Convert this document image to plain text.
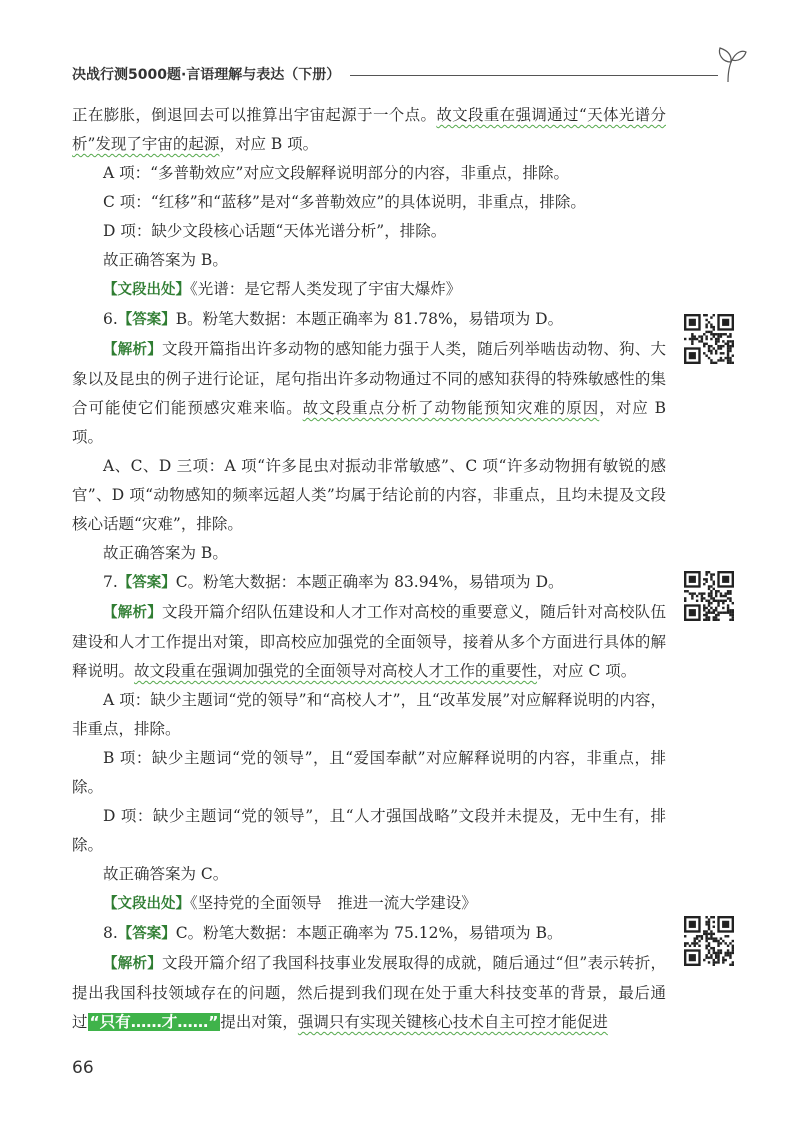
决战行测5000题·言语理解与表达（下册）

正在膨胀，倒退回去可以推算出宇宙起源于一个点。故文段重在强调通过“天体光谱分析”发现了宇宙的起源，对应 B 项。

A 项：“多普勒效应”对应文段解释说明部分的内容，非重点，排除。

C 项：“红移”和“蓝移”是对“多普勒效应”的具体说明，非重点，排除。

D 项：缺少文段核心话题“天体光谱分析”，排除。

故正确答案为 B。

【文段出处】《光谱：是它帮人类发现了宇宙大爆炸》

6.【答案】B。粉笔大数据：本题正确率为 81.78%，易错项为 D。

【解析】文段开篇指出许多动物的感知能力强于人类，随后列举啮齿动物、狗、大象以及昆虫的例子进行论证，尾句指出许多动物通过不同的感知获得的特殊敏感性的集合可能使它们能预感灾难来临。故文段重点分析了动物能预知灾难的原因，对应 B 项。

A、C、D 三项：A 项“许多昆虫对振动非常敏感”、C 项“许多动物拥有敏锐的感官”、D 项“动物感知的频率远超人类”均属于结论前的内容，非重点，且均未提及文段核心话题“灾难”，排除。

故正确答案为 B。

7.【答案】C。粉笔大数据：本题正确率为 83.94%，易错项为 D。

【解析】文段开篇介绍队伍建设和人才工作对高校的重要意义，随后针对高校队伍建设和人才工作提出对策，即高校应加强党的全面领导，接着从多个方面进行具体的解释说明。故文段重在强调加强党的全面领导对高校人才工作的重要性，对应 C 项。

A 项：缺少主题词“党的领导”和“高校人才”，且“改革发展”对应解释说明的内容，非重点，排除。

B 项：缺少主题词“党的领导”，且“爱国奉献”对应解释说明的内容，非重点，排除。

D 项：缺少主题词“党的领导”，且“人才强国战略”文段并未提及，无中生有，排除。

故正确答案为 C。

【文段出处】《坚持党的全面领导　推进一流大学建设》

8.【答案】C。粉笔大数据：本题正确率为 75.12%，易错项为 B。

【解析】文段开篇介绍了我国科技事业发展取得的成就，随后通过“但”表示转折，提出我国科技领域存在的问题，然后提到我们现在处于重大科技变革的背景，最后通过 “只有……才……” 提出对策，强调只有实现关键核心技术自主可控才能促进

66
